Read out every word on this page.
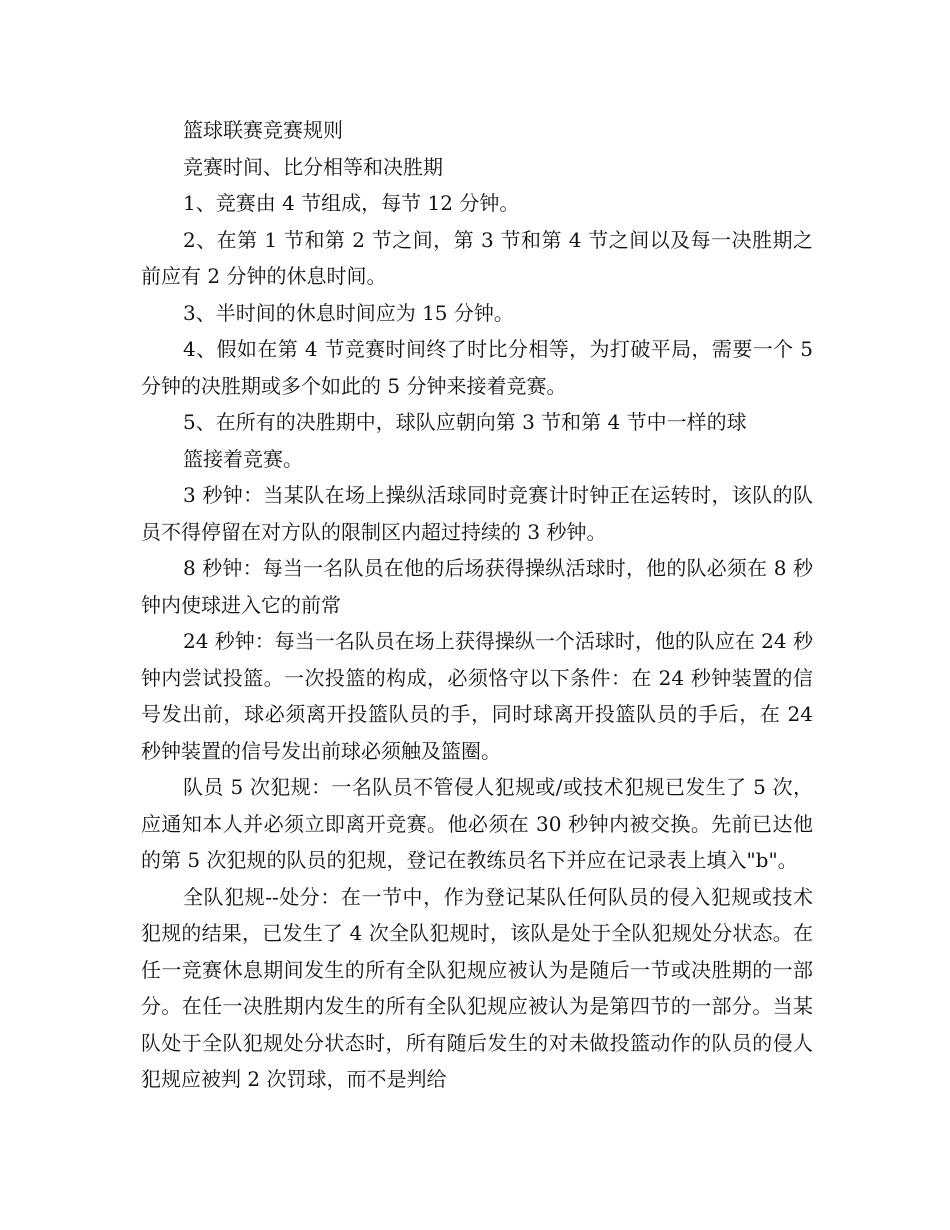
篮球联赛竞赛规则

竞赛时间、比分相等和决胜期

1、竞赛由 4 节组成，每节 12 分钟。

2、在第 1 节和第 2 节之间，第 3 节和第 4 节之间以及每一决胜期之前应有 2 分钟的休息时间。

3、半时间的休息时间应为 15 分钟。

4、假如在第 4 节竞赛时间终了时比分相等，为打破平局，需要一个 5 分钟的决胜期或多个如此的 5 分钟来接着竞赛。

5、在所有的决胜期中，球队应朝向第 3 节和第 4 节中一样的球

篮接着竞赛。

3 秒钟：当某队在场上操纵活球同时竞赛计时钟正在运转时，该队的队员不得停留在对方队的限制区内超过持续的 3 秒钟。

8 秒钟：每当一名队员在他的后场获得操纵活球时，他的队必须在 8 秒钟内使球进入它的前常

24 秒钟：每当一名队员在场上获得操纵一个活球时，他的队应在 24 秒钟内尝试投篮。一次投篮的构成，必须恪守以下条件：在 24 秒钟装置的信号发出前，球必须离开投篮队员的手，同时球离开投篮队员的手后，在 24 秒钟装置的信号发出前球必须触及篮圈。

队员 5 次犯规：一名队员不管侵人犯规或/或技术犯规已发生了 5 次，应通知本人并必须立即离开竞赛。他必须在 30 秒钟内被交换。先前已达他的第 5 次犯规的队员的犯规，登记在教练员名下并应在记录表上填入"b"。

全队犯规--处分：在一节中，作为登记某队任何队员的侵入犯规或技术犯规的结果，已发生了 4 次全队犯规时，该队是处于全队犯规处分状态。在任一竞赛休息期间发生的所有全队犯规应被认为是随后一节或决胜期的一部分。在任一决胜期内发生的所有全队犯规应被认为是第四节的一部分。当某队处于全队犯规处分状态时，所有随后发生的对未做投篮动作的队员的侵人犯规应被判 2 次罚球，而不是判给
